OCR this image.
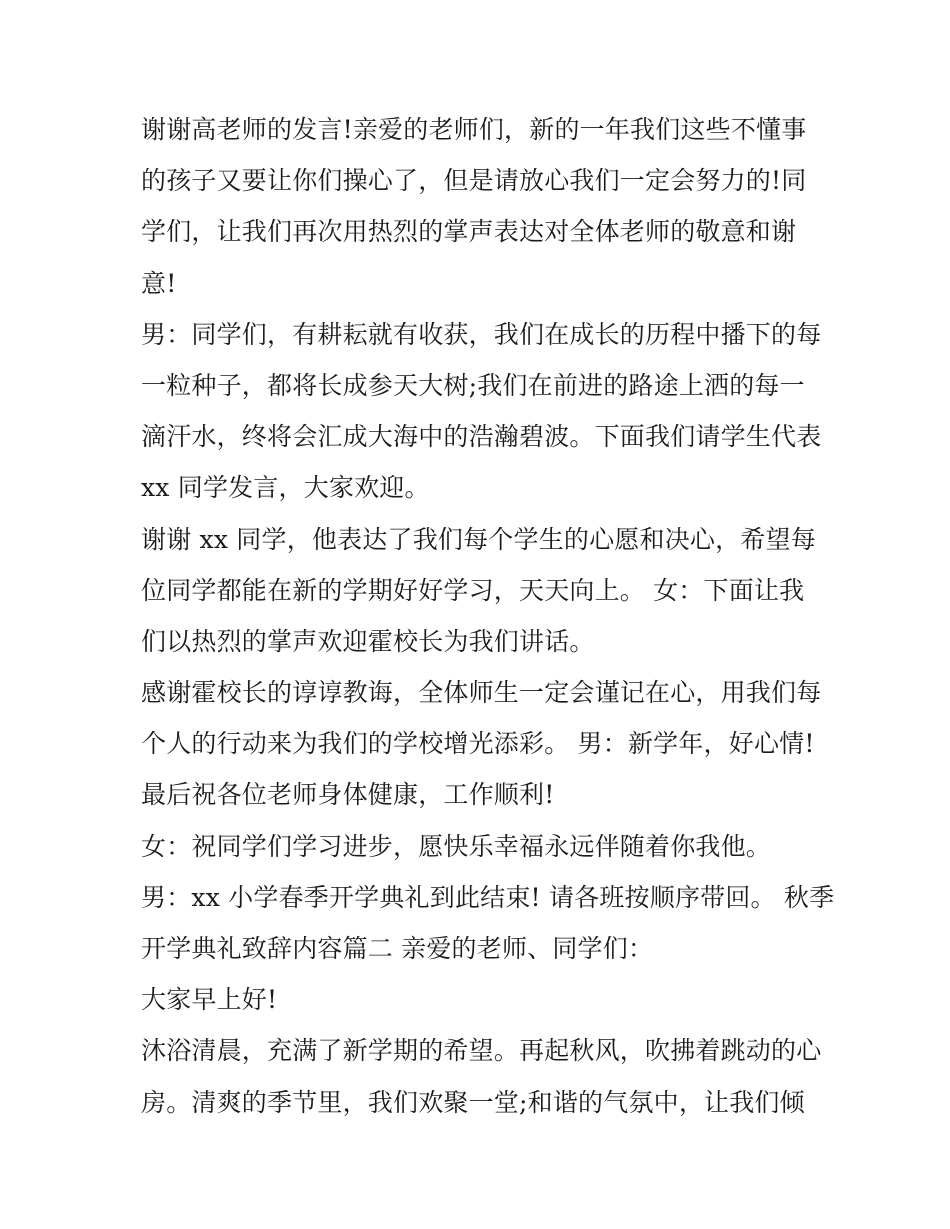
谢谢高老师的发言!亲爱的老师们，新的一年我们这些不懂事
的孩子又要让你们操心了，但是请放心我们一定会努力的!同
学们，让我们再次用热烈的掌声表达对全体老师的敬意和谢
意!
男：同学们，有耕耘就有收获，我们在成长的历程中播下的每
一粒种子，都将长成参天大树;我们在前进的路途上洒的每一
滴汗水，终将会汇成大海中的浩瀚碧波。下面我们请学生代表
xx 同学发言，大家欢迎。
谢谢 xx 同学，他表达了我们每个学生的心愿和决心，希望每
位同学都能在新的学期好好学习，天天向上。 女：下面让我
们以热烈的掌声欢迎霍校长为我们讲话。
感谢霍校长的谆谆教诲，全体师生一定会谨记在心，用我们每
个人的行动来为我们的学校增光添彩。 男：新学年，好心情!
最后祝各位老师身体健康，工作顺利!
女：祝同学们学习进步，愿快乐幸福永远伴随着你我他。
男：xx 小学春季开学典礼到此结束! 请各班按顺序带回。 秋季
开学典礼致辞内容篇二 亲爱的老师、同学们：
大家早上好!
沐浴清晨，充满了新学期的希望。再起秋风，吹拂着跳动的心
房。清爽的季节里，我们欢聚一堂;和谐的气氛中，让我们倾
